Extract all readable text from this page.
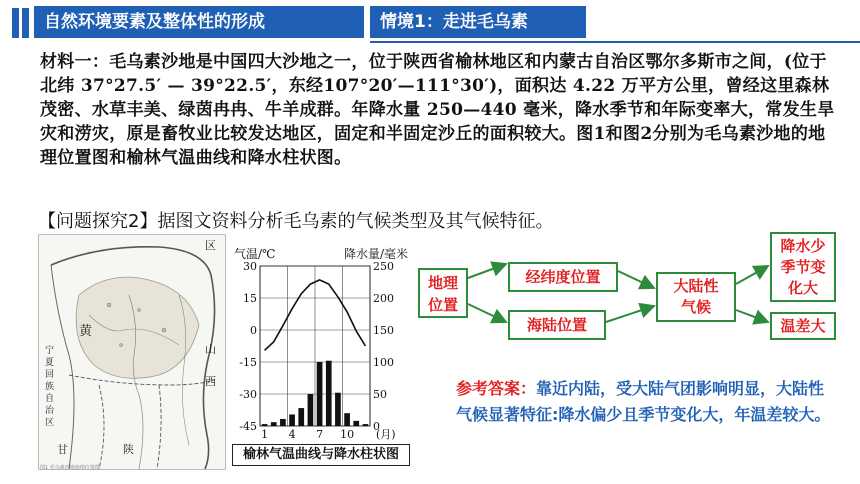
自然环境要素及整体性的形成	情境1：走进毛乌素

材料一：毛乌素沙地是中国四大沙地之一，位于陕西省榆林地区和内蒙古自治区鄂尔多斯市之间，(位于北纬 37°27.5′ — 39°22.5′，东经107°20′—111°30′)，面积达 4.22 万平方公里，曾经这里森林茂密、水草丰美、绿茵冉冉、牛羊成群。年降水量 250—440 毫米，降水季节和年际变率大，常发生旱灾和涝灾，原是畜牧业比较发达地区，固定和半固定沙丘的面积较大。图1和图2分别为毛乌素沙地的地理位置图和榆林气温曲线和降水柱状图。

【问题探究2】据图文资料分析毛乌素的气候类型及其气候特征。
区
黄
山
西
陕
甘
宁
夏
回
族
自
治
区
图1 毛乌素沙地地理位置图
30
15
0
-15
-30
-45
250
200
150
100
50
0
气温/℃	降水量/毫米
1 4 7 10 (月)
榆林气温曲线与降水柱状图
地理
位置
经纬度位置
海陆位置
大陆性
气候
降水少
季节变
化大
温差大
参考答案：靠近内陆，受大陆气团影响明显，大陆性气候显著特征:降水偏少且季节变化大，年温差较大。
